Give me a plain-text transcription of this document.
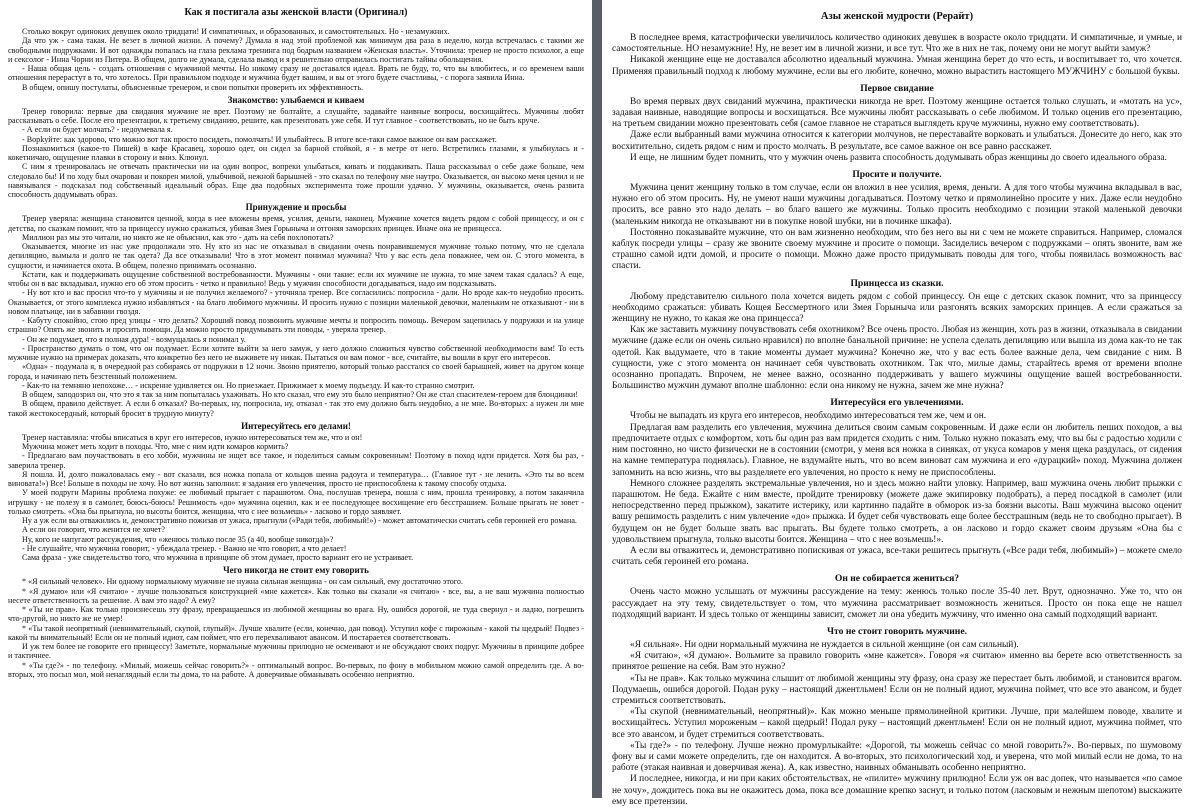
Как я постигала азы женской власти (Оригинал)

Столько вокруг одиноких девушек около тридцати! И симпатичных, и образованных, и самостоятельных. Но - незамужних.

Да что уж - сама такая. Не везет в личной жизни. А почему? Думала я над этой проблемой как минимум два раза в неделю, когда встречалась с такими же свободными подружками. И вот однажды попалась на глаза реклама тренинга под бодрым названием «Женская власть». Уточнила: тренер не просто психолог, а еще и сексолог - Инна Чорни из Питера. В общем, долго не думала, сделала вывод и я решительно отправилась постигать тайны обольщения.

- Наша общая цель - создать отношения с мужчиной мечты. Но никому сразу не доставался идеал. Врать не буду, то, что вы влюбитесь, и со временем ваши отношения перерастут в то, что хотелось. При правильном подходе и мужчина будет вашим, и вы от этого будете счастливы, - с порога заявила Инна.

В общем, опишу постулаты, объясненные тренером, и свои попытки проверить их эффективность.

Знакомство: улыбаемся и киваем

Тренер говорила: первые два свидания мужчине не врет. Поэтому не болтайте, а слушайте, задавайте наивные вопросы, восхищайтесь. Мужчины любят рассказывать о себе. После его презентации, к третьему свиданию, решите, как презентовать уже себя. И тут главное - соответствовать, но не быть круче.

- А если он будет молчать? - недоумевала я.

- Ворkуйте: как здорово, что можно вот так просто посидеть, помолчать! И улыбайтесь. В итоге все-таки самое важное он вам расскажет.

Познакомиться (какое-то Пишей) в кафе Красавец, хорошо одет, он сидел за барной стойкой, я - в метре от него. Встретились глазами, я улыбнулась и - кокетничаю, ощущение плавки в сторону и вниз. Клюнул.

С ним я тренировалась не отвечать практически ни на один вопрос, вопреки улыбаться, кивать и поддакивать. Паша рассказывал о себе даже больше, чем следовало бы! И по ходу был очарован и покорен милой, улыбчивой, нежной барышней - это сказал по телефону мне наутро. Оказывается, он высоко меня ценил и не навязывался - подсказал под собственный идеальный образ. Еще два подобных эксперимента тоже прошли удачно. У мужчины, оказывается, очень развита способность додумывать образ.

Принуждение и просьбы

Тренер уверяла: женщина становится ценной, когда в нее вложены время, усилия, деньги, наконец. Мужчине хочется видеть рядом с собой принцессу, и он с детства, по сказкам помнит, что за принцессу нужно сражаться, убивая Змея Горыныча и отгоняя заморских принцев. Иначе она не принцесса.

Миллион раз мы это читали, но никто же не объяснил, как это - дать на себя похлопотать?

Оказывается, многие из нас уже продолжали это. Ну кто из нас не отказывал в свидании очень понравившемуся мужчине только потому, что не сделала депиляцию, вымыла и долго не так одета? Да все отказывали! Что в этот момент понимал мужчина? Что у вас есть дела поважнее, чем он. С этого момента, в сущности, и начинается охота. В общем, полезно принимать осознанно.

Кстати, как и поддерживать ощущение собственной востребованности. Мужчины - они такие: если их мужчине не нужна, то мне зачем такая сдалась? А еще, чтобы он в вас вкладывал, нужно его об этом просить - четко и правильно! Ведь у мужчин способности догадываться, надо им подсказывать.

- Ну вот кто и вас просил что-то у мужчины и не получил желаемого? - уточняла тренер. Все согласились: попросила - дали. Но вроде как-то неудобно просить. Оказывается, от этого комплекса нужно избавляться - на благо любимого мужчины. И просить нужно с позиции маленькой девочки, маленьким не отказывают - ни в новом платьице, ни в забавнии гвоздя.

- Кабуту спокойно, стою пред улицы - что делать? Хороший повод позвонить мужчине мечты и попросить помощь. Вечером зацепилась у подружки и на улице страшно? Опять же звонить и просить помощи. Да можно просто придумывать эти поводы, - уверяла тренер.

- Он же подумает, что я полная дура! - возмущалась я понимал у.

- Пространство думать о том, что он подумает. Если хотите выйти за него замуж, у него должно сложиться чувство собственной необходимости вам! То есть мужчине нужно на примерах доказать, что конкретно без него не выживете ну никак. Пытаться он вам помог - все, считайте, вы вошли в круг его интересов.

«Одна» - подумала я, в очередной раз собираясь от подружки в 12 ночи. Звоню приятелю, который только расстался со своей барышней, живет на другом конце города, и начинаю петь безстенный положением.

- Как-то на темняно непохоже… - искренне удивляется он. Но приезжает. Прижимает к моему подъезду. И как-то странно смотрит.

В общем, заподозрил он, что это я так за ним попыталась ухаживать. Но кто сказал, что ему это было неприятно? Он же стал спасителем-героем для блондинки!

В общем, правило действует. А если б отказал? Во-первых, ну, попросила, ну, отказал - так это ему должно быть неудобно, а не мне. Во-вторых: а нужен ли мне такой жестокосердный, который бросит в трудную минуту?

Интересуйтесь его делами!

Тренер наставляла: чтобы вписаться в круг его интересов, нужно интересоваться тем же, что и он!

Мужчина может меть ходит в походы. Что, мне с ним идти комаров кормить?

- Предлагаю вам поучаствовать в его хобби, мужчины не ищет все такое, и поделиться самым сокровенным! Поэтому в поход идти придется. Хотя бы раз, - заверила тренер.

Я пошла. И, долго пожаловалась ему - вот сказали, вся ножка попала от кольцов шеина радоуга и температура… (Главное тут - не ленить. «Это ты во всем виновата!») Все! Больше в походы не хочу. Но вот жизнь заполнил: я задания его увлечения, просто не приспособлена к такому способу отдыха.

У моей подруги Марины проблема похуже: ее любимый прыгает с парашютом. Она, послушав тренера, пошла с ним, прошла тренировку, а потом заканчила игрушку - не полезу я в самолет, боюсь-боюсь! Решимость «до» мужчина оценил, как и ее последующее восхищение его бесстрашием. Больше прыгать не зовет - только смотреть. «Она бы прыгнула, но высоты боится, женщина, что с нее возьмешь» - ласково и гордо заявляет.

Ну а уж если вы отважились и, демонстративно пожизав от ужаса, прыгнули («Ради тебя, любимый!») - может автоматически считать себя героиней его романа.

А если он говорит, что женится не хочет?

Ну, кого не напугают рассуждения, что «женюсь только после 35 (а 40, вообще никогда)»?

- Не слушайте, что мужчина говорит, - убеждала тренер. - Важно не что говорит, а что делает!

Сама фраза - уже свидетельство того, что мужчина в принципе об этом думает, просто вариант его не устраивает.

Чего никогда не стоит ему говорить

* «Я сильный человек». Ни одному нормальному мужчине не нужна сильная женщина - он сам сильный, ему достаточно этого.

* «Я думаю» или «Я считаю» - лучше пользоваться конструкцией «мне кажется». Как только вы сказали «я считаю» - все, вы, а не ваш мужчина полностью несете ответственность за решение. А вам это надо? А ему?

* «Ты не прав». Как только произнесешь эту фразу, превращаешься из любимой женщины во врага. Ну, ошибся дорогой, не туда свернул - и ладно, погрешить что-другой, но никто же не умер!

* «Ты такой неопрятный (невнимательный, скупой, глупый)». Лучше хвалите (если, конечно, дан повод). Уступил кофе с пирожным - какой ты щедрый! Подвез - какой ты внимательный! Если он не полный идиот, сам поймет, что его перехваливают авансом. И постарается соответствовать.

И уж тем более не говорите его принцессу! Заметьте, нормальные мужчины прилюдно не осмеивают и не обсуждают своих подруг. Мужчины в принципе добрее и тактичнее.

* «Ты где?» - по телефону. «Милый, можешь сейчас говорить?» - оптимальный вопрос. Во-первых, по фону в мобильном можно самой определить где. А во-вторых, это посыл мол, мой ненаглядный если ты дома, то на работе. А доверчивые обманывать особенно неприятно.

Азы женской мудрости (Рерайт)

В последнее время, катастрофически увеличилось количество одиноких девушек в возрасте около тридцати. И симпатичные, и умные, и самостоятельные. НО незамужние! Ну, не везет им в личной жизни, и все тут. Что же в них не так, почему они не могут выйти замуж?

Никакой женщине еще не доставался абсолютно идеальный мужчина. Умная женщина берет до что есть, и воспитывает то, что хочется. Применяя правильный подход к любому мужчине, если вы его любите, конечно, можно вырастить настоящего МУЖЧИНУ с большой буквы.

Первое свидание

Во время первых двух свиданий мужчина, практически никогда не врет. Поэтому женщине остается только слушать, и «мотать на ус», задавая наивные, наводящие вопросы и восхищаться. Все мужчины любят рассказывать о себе любимом. И только оценив его презентацию, на третьем свидании можно презентовать себя (самое главное не стараться выглядеть круче мужчины, нужно ему соответствовать).

Даже если выбранный вами мужчина относится к категории молчунов, не переставайте ворковать и улыбаться. Донесите до него, как это восхитительно, сидеть рядом с ним и просто молчать. В результате, все самое важное он все равно расскажет.

И еще, не лишним будет помнить, что у мужчин очень развита способность додумывать образ женщины до своего идеального образа.

Просите и получите.

Мужчина ценит женщину только в том случае, если он вложил в нее усилия, время, деньги. А для того чтобы мужчина вкладывал в вас, нужно его об этом просить. Ну, не умеют наши мужчины догадываться. Поэтому четко и прямолинейно просите у них. Даже если неудобно просить, все равно это надо делать – во благо вашего же мужчины. Только просить необходимо с позиции этакой маленькой девочки (маленьким никогда не отказывают ни в покупке новой шубки, ни в починке шкафа).

Постоянно показывайте мужчине, что он вам жизненно необходим, что без него вы ни с чем не можете справиться. Например, сломался каблук посреди улицы – сразу же звоните своему мужчине и просите о помощи. Засиделись вечером с подружками – опять звоните, вам же страшно самой идти домой, и просите о помощи. Можно даже просто придумывать поводы для того, чтобы появилась возможность вас спасти.

Принцесса из сказки.

Любому представителю сильного пола хочется видеть рядом с собой принцессу. Он еще с детских сказок помнит, что за принцессу необходимо сражаться: убивать Кощея Бессмертного или Змея Горыныча или разгонять всяких заморских принцев. А если сражаться за женщину не нужно, то какая же она принцесса?

Как же заставить мужчину почувствовать себя охотником? Все очень просто. Любая из женщин, хоть раз в жизни, отказывала в свидании мужчине (даже если он очень сильно нравился) по вполне банальной причине: не успела сделать депиляцию или вышла из дома как-то не так одетой. Как выдумаете, что в такие моменты думает мужчина? Конечно же, что у вас есть более важные дела, чем свидание с ним. В сущности, уже с этого момента он начинает себя чувствовать охотником. Так что, милые дамы, старайтесь время от времени вполне осознанно пропадать. Впрочем, не менее важно, осознанно поддерживать у вашего мужчины ощущение вашей востребованности. Большинство мужчин думают вполне шаблонно: если она никому не нужна, зачем же мне нужна?

Интересуйся его увлечениями.

Чтобы не выпадать из круга его интересов, необходимо интересоваться тем же, чем и он.

Предлагая вам разделить его увлечения, мужчина делиться своим самым сокровенным. И даже если он любитель пеших походов, а вы предпочитаете отдых с комфортом, хоть бы один раз вам придется сходить с ним. Только нужно показать ему, что вы бы с радостью ходили с ним постоянно, но чисто физически не в состоянии (смотри, у меня вся ножка в синяках, от укуса комаров у меня щека раздулась, от сидения на камне температура поднялась). Главное, не вздумайте ныть, что во всем виноват сам мужчина и его «дурацкий» поход. Мужчина должен запомнить на всю жизнь, что вы разделяете его увлечения, но просто к нему не приспособлены.

Немного сложнее разделять экстремальные увлечения, но и здесь можно найти уловку. Например, ваш мужчина очень любит прыжки с парашютом. Не беда. Ежайте с ним вместе, пройдите тренировку (можете даже экипировку подобрать), а перед посадкой в самолет (или непосредственно перед прыжком), закатите истерику, или картинно падайте в обморок из-за боязни высоты. Ваш мужчина высоко оценит вашу решимость разделить с ним увлечение «до» прыжка. И будет себя чувствовать еще более бесстрашным (ведь не то свободно прыгает). В будущем он не будет больше звать вас прыгать. Вы будете только смотреть, а он ласково и гордо скажет своим друзьям «Она бы с удовольствием прыгнула, только высоты боится. Женщина – что с нее возьмешь!».

А если вы отважитесь и, демонстративно попискивая от ужаса, все-таки решитесь прыгнуть («Все ради тебя, любимый») – можете смело считать себя героиней его романа.

Он не собирается жениться?

Очень часто можно услышать от мужчины рассуждение на тему: женюсь только после 35-40 лет. Врут, однозначно. Уже то, что он рассуждает на эту тему, свидетельствует о том, что мужчина рассматривает возможность жениться. Просто он пока еще не нашел подходящий вариант. И здесь только от женщины зависит, сможет ли она убедить мужчину, что именно она самый подходящий вариант.

Что не стоит говорить мужчине.

«Я сильная». Ни одни нормальный мужчина не нуждается в сильной женщине (он сам сильный).

«Я считаю», «Я думаю». Вольмите за правило говорить «мне кажется». Говоря «я считаю» именно вы берете всю ответственность за принятое решение на себя. Вам это нужно?

«Ты не прав». Как только мужчина слышит от любимой женщины эту фразу, она сразу же перестает быть любимой, и становится врагом. Подумаешь, ошибся дорогой. Подан руку – настоящий джентльмен! Если он не полный идиот, мужчина поймет, что все это авансом, и будет стремиться соответствовать.

«Ты скупой (невнимательный, неопрятный)». Как можно меньше прямолинейной критики. Лучше, при малейшем поводе, хвалите и восхищайтесь. Уступил мороженым – какой щедрый! Подал руку – настоящий джентльмен! Если он не полный идиот, мужчина поймет, что все это авансом, и будет стремиться соответствовать.

«Ты где?» - по телефону. Лучше нежно промурлыкайте: «Дорогой, ты можешь сейчас со мной говорить?». Во-первых, по шумовому фону вы и сами можете определить, где он находится. А во-вторых, это психологический ход, и уверена, что мой милый если не дома, то на работе (этакая наивная и доверчивая жена). А, как известно, наивных обманывать особенно неприятно.

И последнее, никогда, и ни при каких обстоятельствах, не «пилите» мужчину прилюдно! Если уж он вас допек, что называется «по самое не хочу», дождитесь пока вы не окажитесь дома, пока все домашние крепко заснут, и только потом (ласковым и нежным шепотом) выскажите ему все претензии.
